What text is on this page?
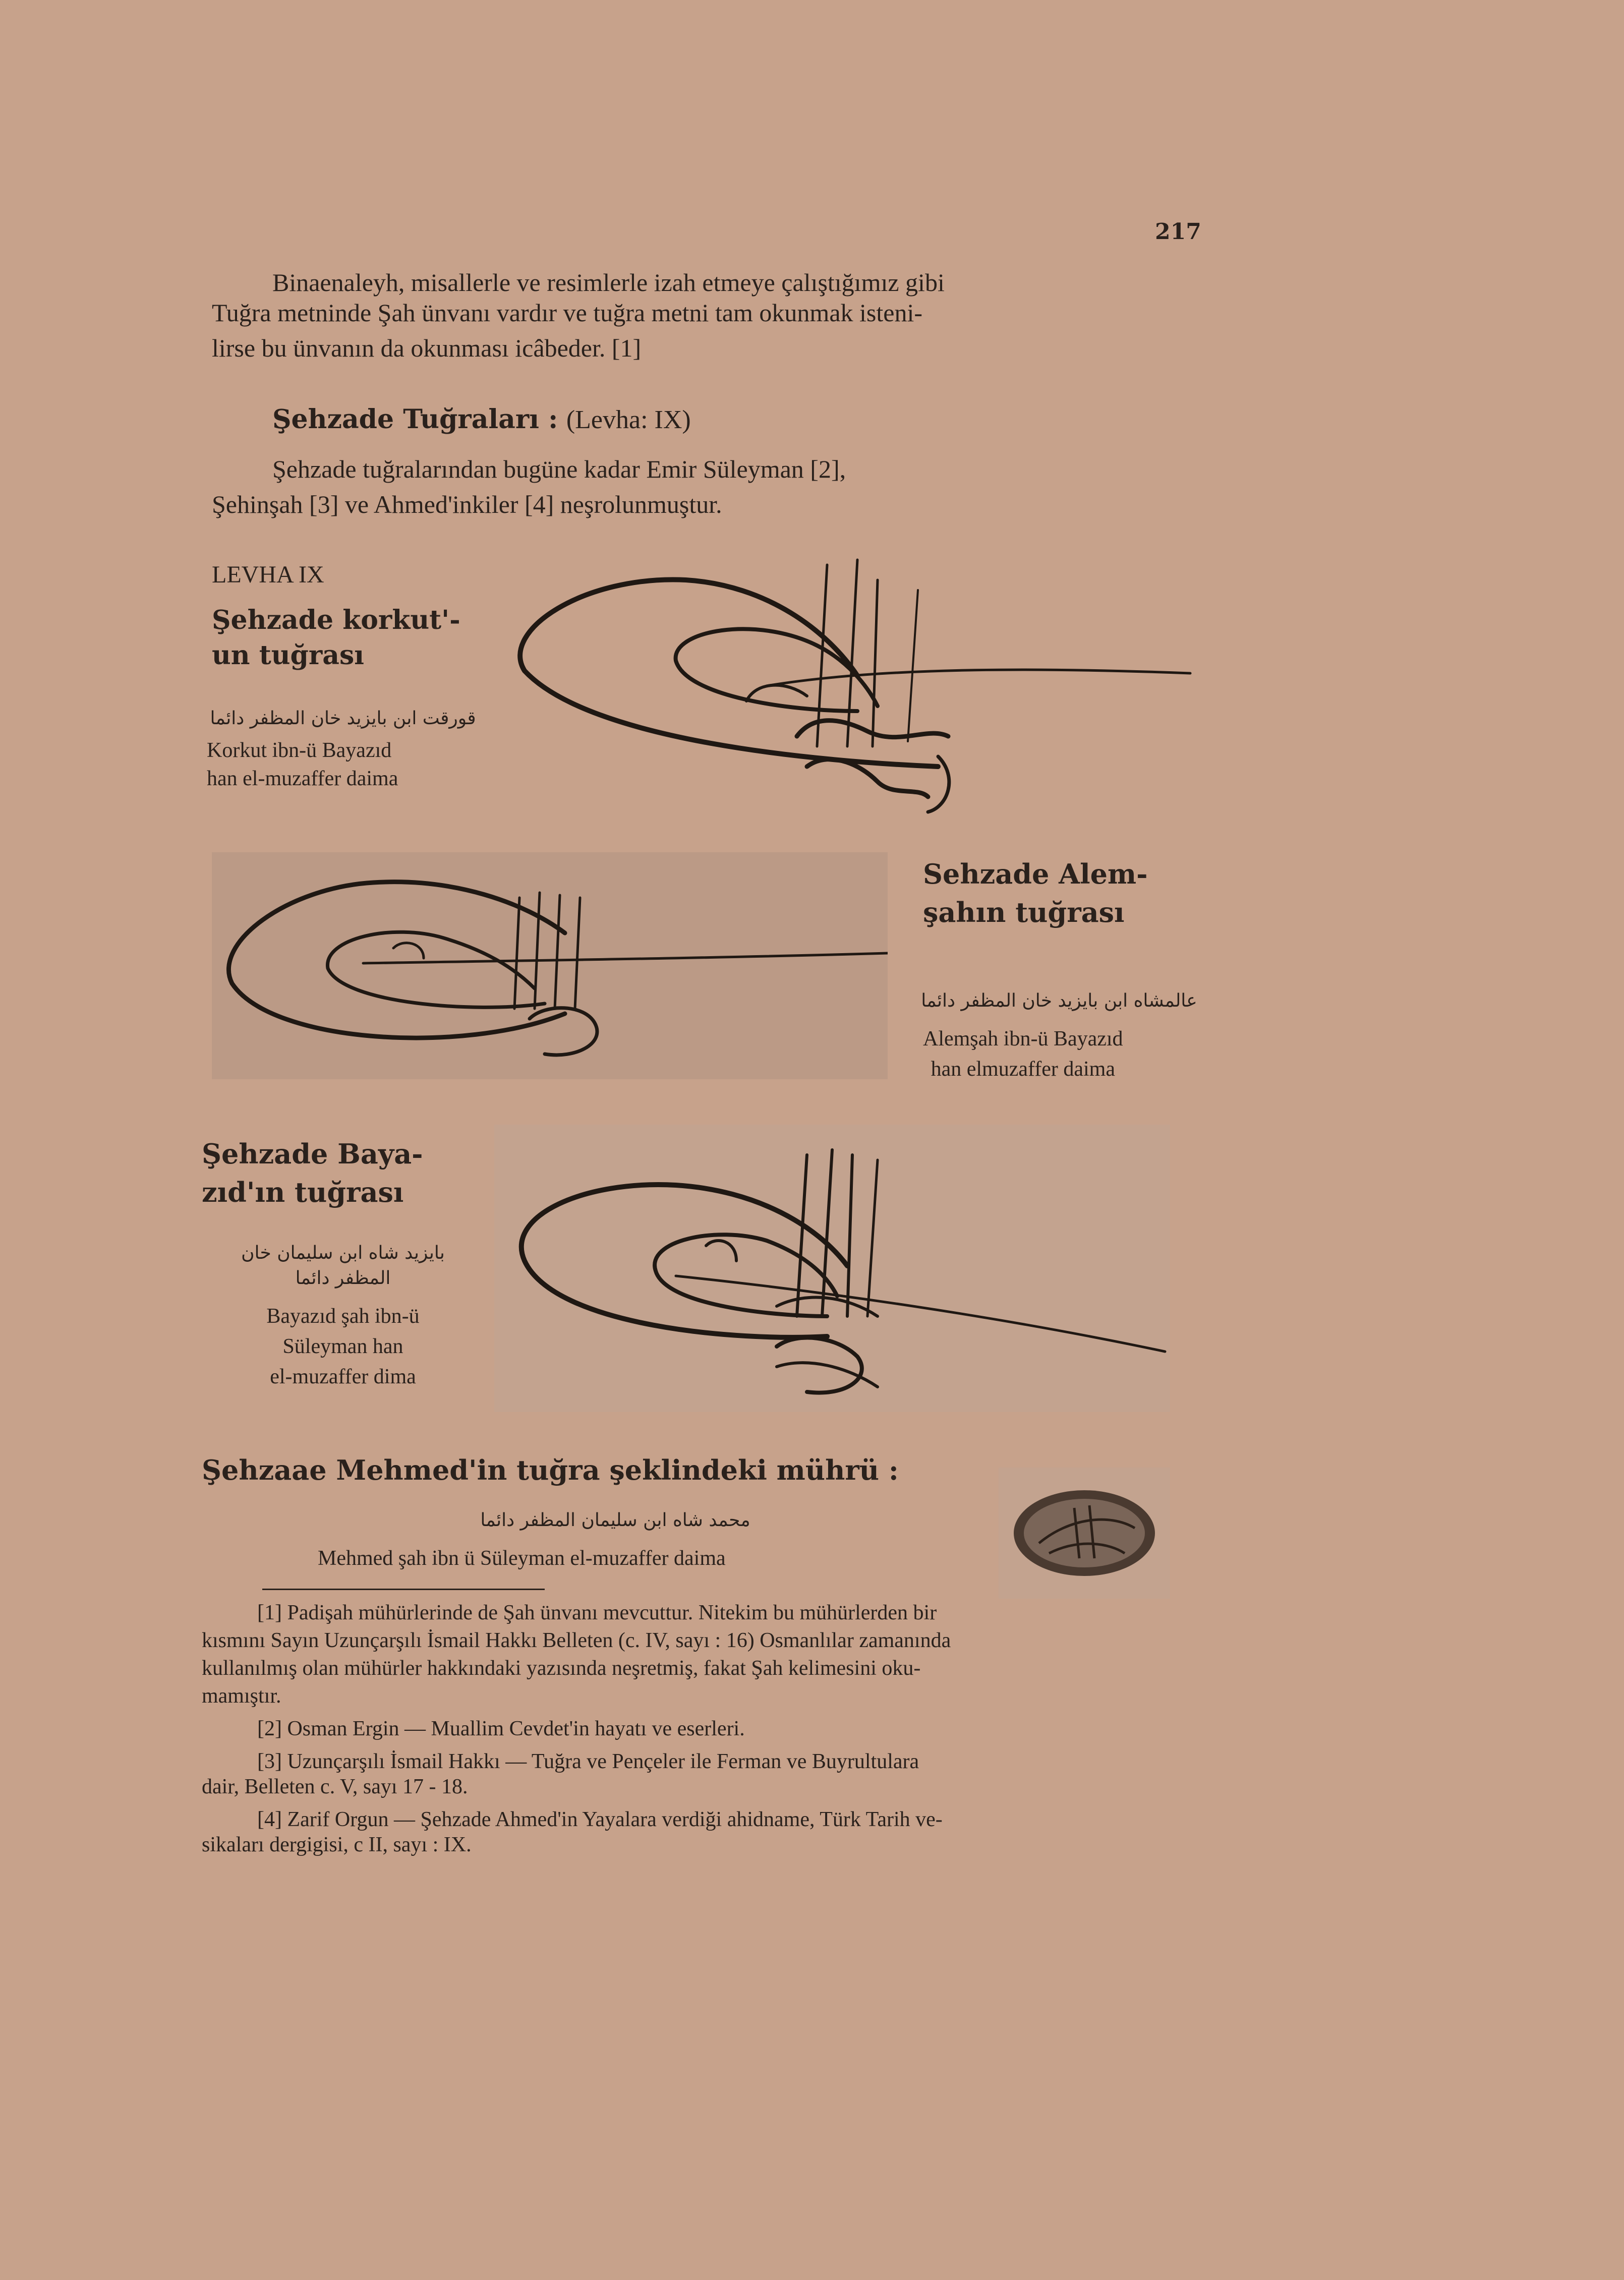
217
Binaenaleyh, misallerle ve resimlerle izah etmeye çalıştığımız gibi
Tuğra metninde Şah ünvanı vardır ve tuğra metni tam okunmak isteni-
lirse bu ünvanın da okunması icâbeder. [1]
Şehzade Tuğraları : (Levha: IX)
Şehzade tuğralarından bugüne kadar Emir Süleyman [2],
Şehinşah [3] ve Ahmed'inkiler [4] neşrolunmuştur.
LEVHA IX
Şehzade korkut'-
un tuğrası
قورقت ابن بایزید خان المظفر دائما
Korkut ibn-ü Bayazıd
han el-muzaffer daima
Sehzade Alem-
şahın tuğrası
عالمشاه ابن بایزید خان المظفر دائما
Alemşah ibn-ü Bayazıd
han elmuzaffer daima
Şehzade Baya-
zıd'ın tuğrası
بایزید شاه ابن سلیمان خان
المظفر دائما
Bayazıd şah ibn-ü
Süleyman han
el-muzaffer dima
Şehzaae Mehmed'in tuğra şeklindeki mührü :
محمد شاه ابن سلیمان المظفر دائما
Mehmed şah ibn ü Süleyman el-muzaffer daima
[1] Padişah mühürlerinde de Şah ünvanı mevcuttur. Nitekim bu mühürlerden bir
kısmını Sayın Uzunçarşılı İsmail Hakkı Belleten (c. IV, sayı : 16) Osmanlılar zamanında
kullanılmış olan mühürler hakkındaki yazısında neşretmiş, fakat Şah kelimesini oku-
mamıştır.
[2] Osman Ergin — Muallim Cevdet'in hayatı ve eserleri.
[3] Uzunçarşılı İsmail Hakkı — Tuğra ve Pençeler ile Ferman ve Buyrultulara
dair, Belleten c. V, sayı 17 - 18.
[4] Zarif Orgun — Şehzade Ahmed'in Yayalara verdiği ahidname, Türk Tarih ve-
sikaları dergigisi, c II, sayı : IX.
